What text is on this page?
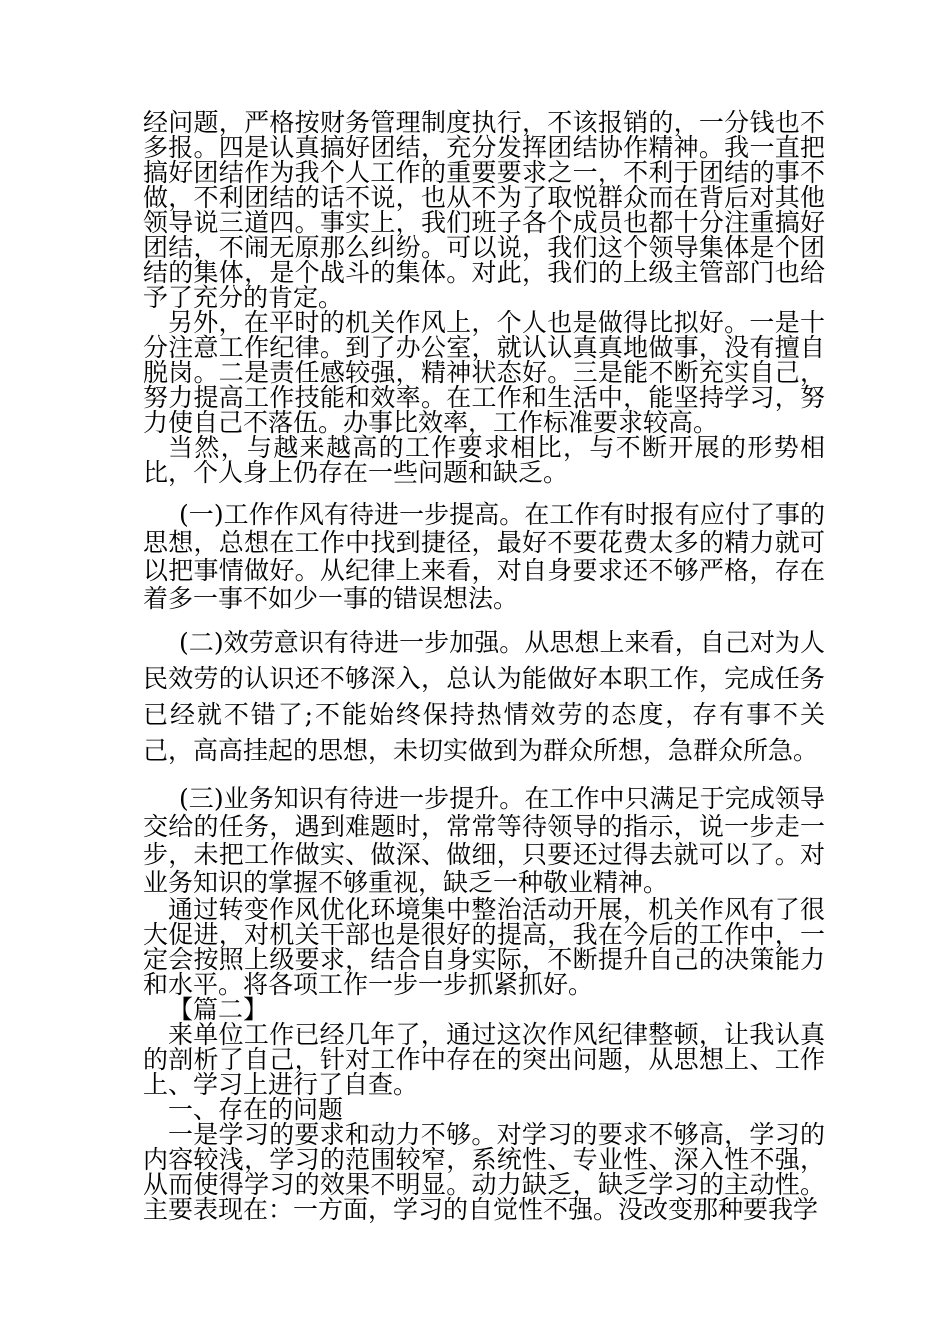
经问题，严格按财务管理制度执行，不该报销的，一分钱也不多报。四是认真搞好团结，充分发挥团结协作精神。我一直把搞好团结作为我个人工作的重要要求之一，不利于团结的事不做，不利团结的话不说，也从不为了取悦群众而在背后对其他领导说三道四。事实上，我们班子各个成员也都十分注重搞好团结，不闹无原那么纠纷。可以说，我们这个领导集体是个团结的集体，是个战斗的集体。对此，我们的上级主管部门也给予了充分的肯定。

另外，在平时的机关作风上，个人也是做得比拟好。一是十分注意工作纪律。到了办公室，就认认真真地做事，没有擅自脱岗。二是责任感较强，精神状态好。三是能不断充实自己，努力提高工作技能和效率。在工作和生活中，能坚持学习，努力使自己不落伍。办事比效率，工作标准要求较高。

当然，与越来越高的工作要求相比，与不断开展的形势相比，个人身上仍存在一些问题和缺乏。

(一)工作作风有待进一步提高。在工作有时报有应付了事的思想，总想在工作中找到捷径，最好不要花费太多的精力就可以把事情做好。从纪律上来看，对自身要求还不够严格，存在着多一事不如少一事的错误想法。

(二)效劳意识有待进一步加强。从思想上来看，自己对为人民效劳的认识还不够深入，总认为能做好本职工作，完成任务已经就不错了;不能始终保持热情效劳的态度，存有事不关己，高高挂起的思想，未切实做到为群众所想，急群众所急。

(三)业务知识有待进一步提升。在工作中只满足于完成领导交给的任务，遇到难题时，常常等待领导的指示，说一步走一步，未把工作做实、做深、做细，只要还过得去就可以了。对业务知识的掌握不够重视，缺乏一种敬业精神。

通过转变作风优化环境集中整治活动开展，机关作风有了很大促进，对机关干部也是很好的提高，我在今后的工作中，一定会按照上级要求，结合自身实际，不断提升自己的决策能力和水平。将各项工作一步一步抓紧抓好。

【篇二】

来单位工作已经几年了，通过这次作风纪律整顿，让我认真的剖析了自己，针对工作中存在的突出问题，从思想上、工作上、学习上进行了自查。

一、存在的问题

一是学习的要求和动力不够。对学习的要求不够高，学习的内容较浅，学习的范围较窄，系统性、专业性、深入性不强，从而使得学习的效果不明显。动力缺乏，缺乏学习的主动性。主要表现在：一方面，学习的自觉性不强。没改变那种要我学
